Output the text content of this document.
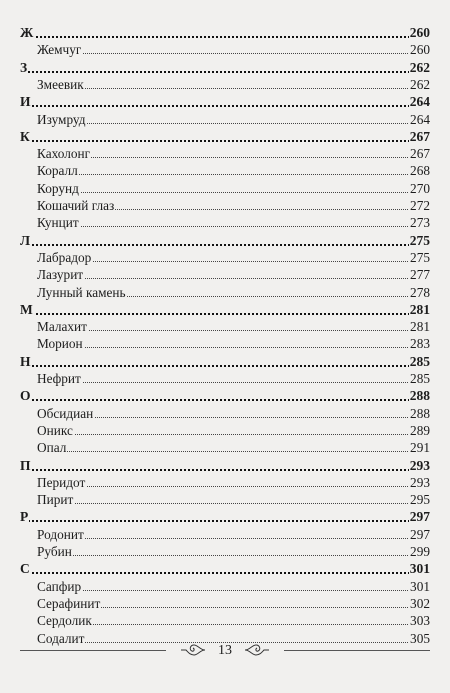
Ж	260
Жемчуг	260
З	262
Змеевик	262
И	264
Изумруд	264
К	267
Кахолонг	267
Коралл	268
Корунд	270
Кошачий глаз	272
Кунцит	273
Л	275
Лабрадор	275
Лазурит	277
Лунный камень	278
М	281
Малахит	281
Морион	283
Н	285
Нефрит	285
О	288
Обсидиан	288
Оникс	289
Опал	291
П	293
Перидот	293
Пирит	295
Р	297
Родонит	297
Рубин	299
С	301
Сапфир	301
Серафинит	302
Сердолик	303
Содалит	305
13
